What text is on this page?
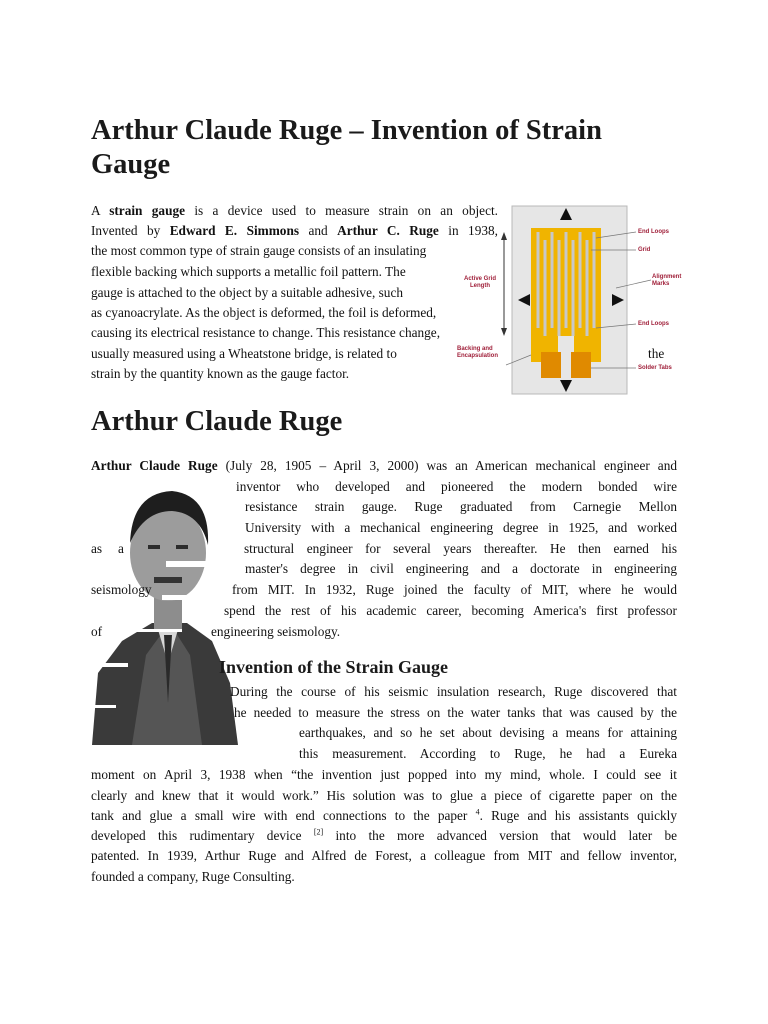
Arthur Claude Ruge – Invention of Strain
Gauge
A strain gauge is a device used to measure strain on an object.
Invented by Edward E. Simmons and Arthur C. Ruge in 1938,
the most common type of strain gauge consists of an insulating
flexible backing which supports a metallic foil pattern. The
gauge is attached to the object by a suitable adhesive, such
as cyanoacrylate. As the object is deformed, the foil is deformed,
causing its electrical resistance to change. This resistance change,
usually measured using a Wheatstone bridge, is related to	the
strain by the quantity known as the gauge factor.
End Loops
Grid
Active Grid Length
Alignment Marks
End Loops
Backing and Encapsulation
Solder Tabs
Arthur Claude Ruge
Arthur Claude Ruge (July 28, 1905 – April 3, 2000) was an American mechanical engineer and
inventor who developed and pioneered the modern bonded wire
resistance strain gauge. Ruge graduated from Carnegie Mellon
University with a mechanical engineering degree in 1925, and worked
as a	structural engineer for several years thereafter. He then earned his
master's degree in civil engineering and a doctorate in engineering
seismology	from MIT. In 1932, Ruge joined the faculty of MIT, where he would
spend the rest of his academic career, becoming America's first professor
of	engineering seismology.
Invention of the Strain Gauge
During the course of his seismic insulation research, Ruge discovered that
he needed to measure the stress on the water tanks that was caused by the
earthquakes, and so he set about devising a means for attaining
this measurement. According to Ruge, he had a Eureka
moment on April 3, 1938 when “the invention just popped into my mind, whole. I could see it
clearly and knew that it would work.” His solution was to glue a piece of cigarette paper on the
tank and glue a small wire with end connections to the paper $^4$. Ruge and his assistants quickly
developed this rudimentary device [2] into the more advanced version that would later be
patented. In 1939, Arthur Ruge and Alfred de Forest, a colleague from MIT and fellow inventor,
founded a company, Ruge Consulting.
